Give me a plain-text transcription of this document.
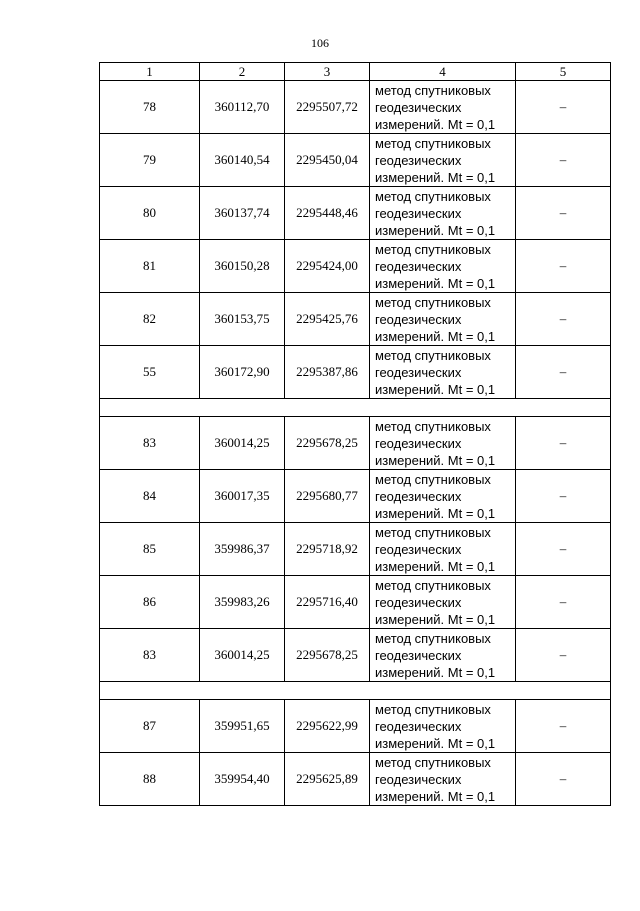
106
1	2	3	4	5
78	360112,70	2295507,72	метод спутниковых геодезических измерений. Mt = 0,1	–
79	360140,54	2295450,04	метод спутниковых геодезических измерений. Mt = 0,1	–
80	360137,74	2295448,46	метод спутниковых геодезических измерений. Mt = 0,1	–
81	360150,28	2295424,00	метод спутниковых геодезических измерений. Mt = 0,1	–
82	360153,75	2295425,76	метод спутниковых геодезических измерений. Mt = 0,1	–
55	360172,90	2295387,86	метод спутниковых геодезических измерений. Mt = 0,1	–

83	360014,25	2295678,25	метод спутниковых геодезических измерений. Mt = 0,1	–
84	360017,35	2295680,77	метод спутниковых геодезических измерений. Mt = 0,1	–
85	359986,37	2295718,92	метод спутниковых геодезических измерений. Mt = 0,1	–
86	359983,26	2295716,40	метод спутниковых геодезических измерений. Mt = 0,1	–
83	360014,25	2295678,25	метод спутниковых геодезических измерений. Mt = 0,1	–

87	359951,65	2295622,99	метод спутниковых геодезических измерений. Mt = 0,1	–
88	359954,40	2295625,89	метод спутниковых геодезических измерений. Mt = 0,1	–
